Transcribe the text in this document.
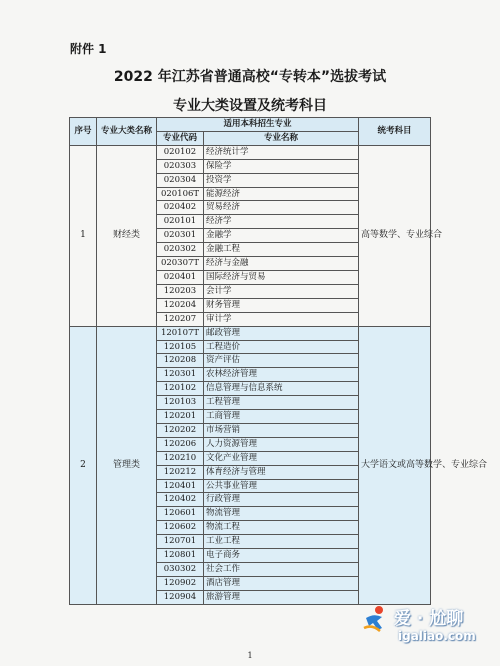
附件 1
2022 年江苏省普通高校“专转本”选拔考试
专业大类设置及统考科目
序号	专业大类名称	适用本科招生专业		统考科目
		专业代码	专业名称	
1	财经类	020102	经济统计学	高等数学、专业综合
		020303	保险学	
		020304	投资学	
		020106T	能源经济	
		020402	贸易经济	
		020101	经济学	
		020301	金融学	
		020302	金融工程	
		020307T	经济与金融	
		020401	国际经济与贸易	
		120203	会计学	
		120204	财务管理	
		120207	审计学	
2	管理类	120107T	邮政管理	大学语文或高等数学、专业综合
		120105	工程造价	
		120208	资产评估	
		120301	农林经济管理	
		120102	信息管理与信息系统	
		120103	工程管理	
		120201	工商管理	
		120202	市场营销	
		120206	人力资源管理	
		120210	文化产业管理	
		120212	体育经济与管理	
		120401	公共事业管理	
		120402	行政管理	
		120601	物流管理	
		120602	物流工程	
		120701	工业工程	
		120801	电子商务	
		030302	社会工作	
		120902	酒店管理	
		120904	旅游管理	
1
爱 · 尬聊
igaliao.com
